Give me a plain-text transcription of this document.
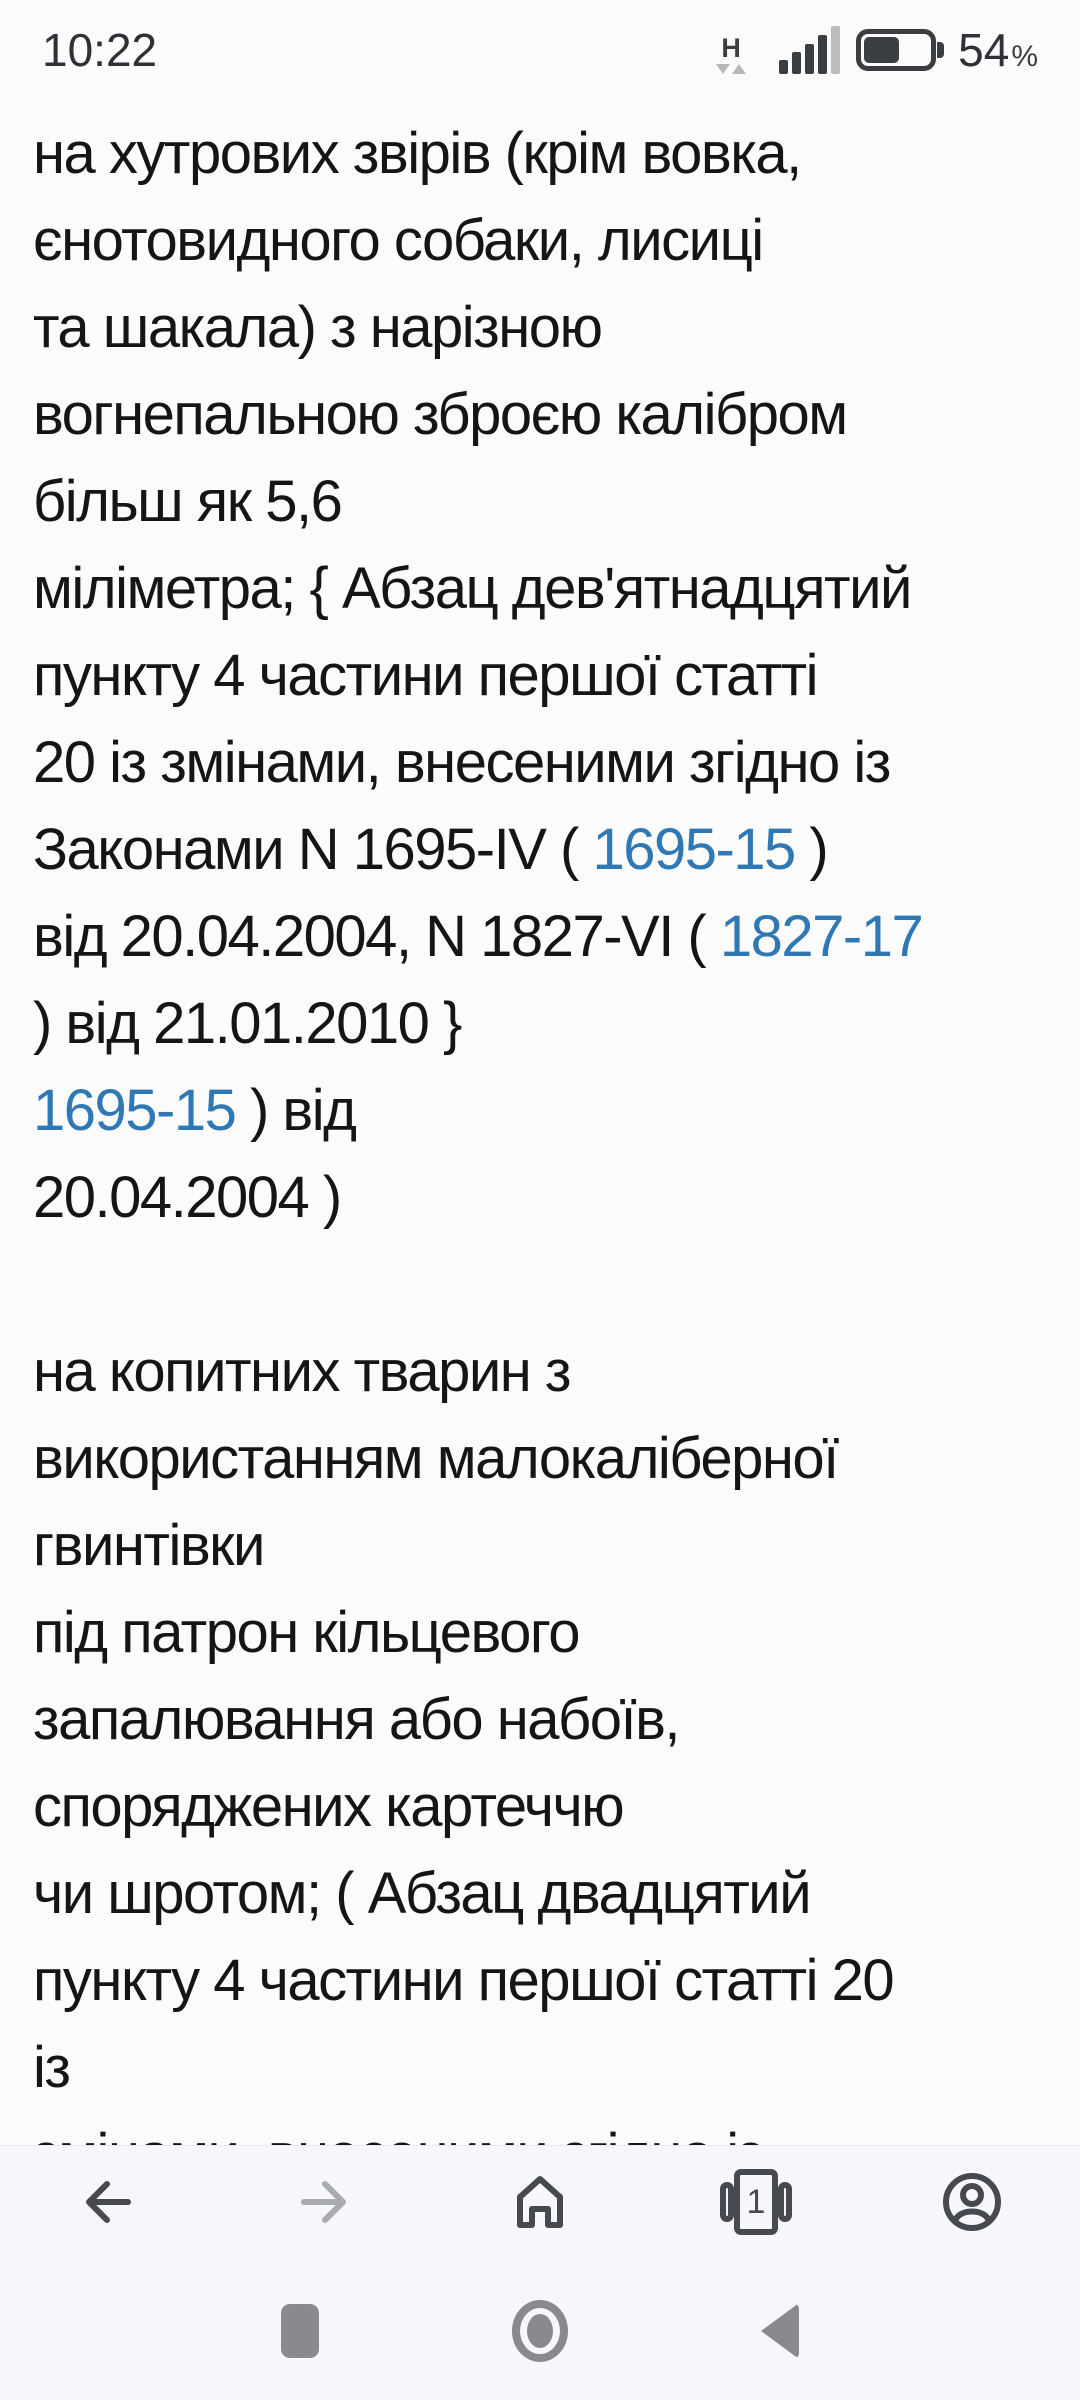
10:22	H	54 %
на хутрових звірів (крім вовка,
єнотовидного собаки, лисиці
та шакала) з нарізною
вогнепальною зброєю калібром
більш як 5,6
міліметра; { Абзац дев'ятнадцятий
пункту 4 частини першої статті
20 із змінами, внесеними згідно із
Законами N 1695-IV ( 1695-15 )
від 20.04.2004, N 1827-VI ( 1827-17
) від 21.01.2010 }
1695-15 ) від
20.04.2004 )
на копитних тварин з
використанням малокаліберної
гвинтівки
під патрон кільцевого
запалювання або набоїв,
споряджених картеччю
чи шротом; ( Абзац двадцятий
пункту 4 частини першої статті 20
із
1
